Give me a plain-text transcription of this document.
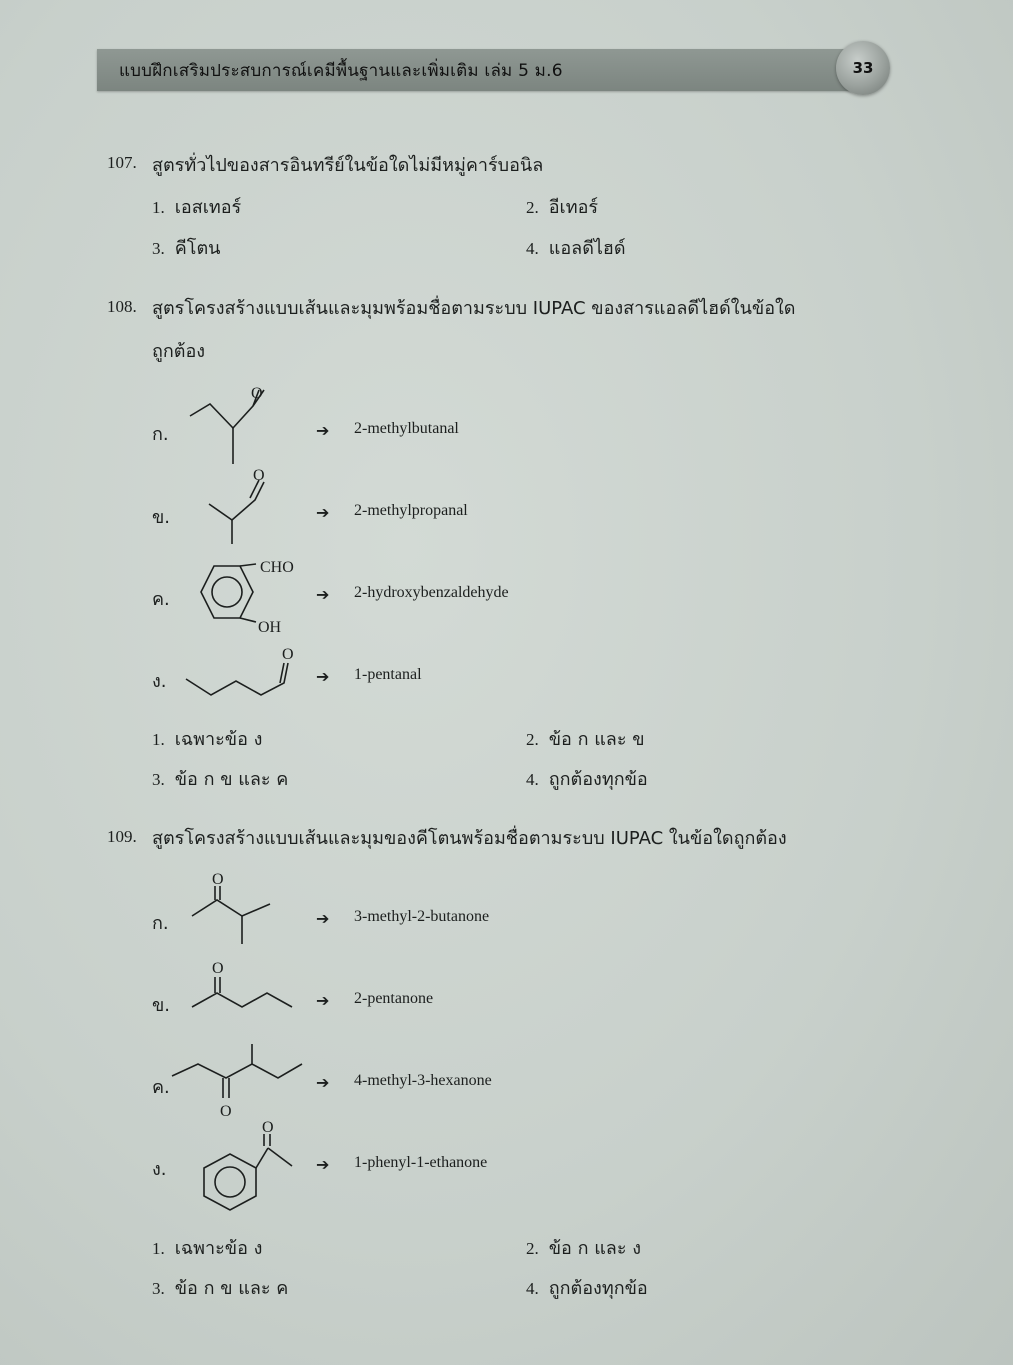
แบบฝึกเสริมประสบการณ์เคมีพื้นฐานและเพิ่มเติม เล่ม 5 ม.6	33
107. สูตรทั่วไปของสารอินทรีย์ในข้อใดไม่มีหมู่คาร์บอนิล
1. เอสเทอร์	2. อีเทอร์
3. คีโตน	4. แอลดีไฮด์
108. สูตรโครงสร้างแบบเส้นและมุมพร้อมชื่อตามระบบ IUPAC ของสารแอลดีไฮด์ในข้อใด
ถูกต้อง
ก.
O
➔ 2-methylbutanal
ข.
O
➔ 2-methylpropanal
ค.
CHO
OH
➔ 2-hydroxybenzaldehyde
ง.
O
➔ 1-pentanal
1. เฉพาะข้อ ง	2. ข้อ ก และ ข
3. ข้อ ก ข และ ค	4. ถูกต้องทุกข้อ
109. สูตรโครงสร้างแบบเส้นและมุมของคีโตนพร้อมชื่อตามระบบ IUPAC ในข้อใดถูกต้อง
ก.
O
➔ 3-methyl-2-butanone
ข.
O
➔ 2-pentanone
ค.
O
➔ 4-methyl-3-hexanone
ง.
O
➔ 1-phenyl-1-ethanone
1. เฉพาะข้อ ง	2. ข้อ ก และ ง
3. ข้อ ก ข และ ค	4. ถูกต้องทุกข้อ
